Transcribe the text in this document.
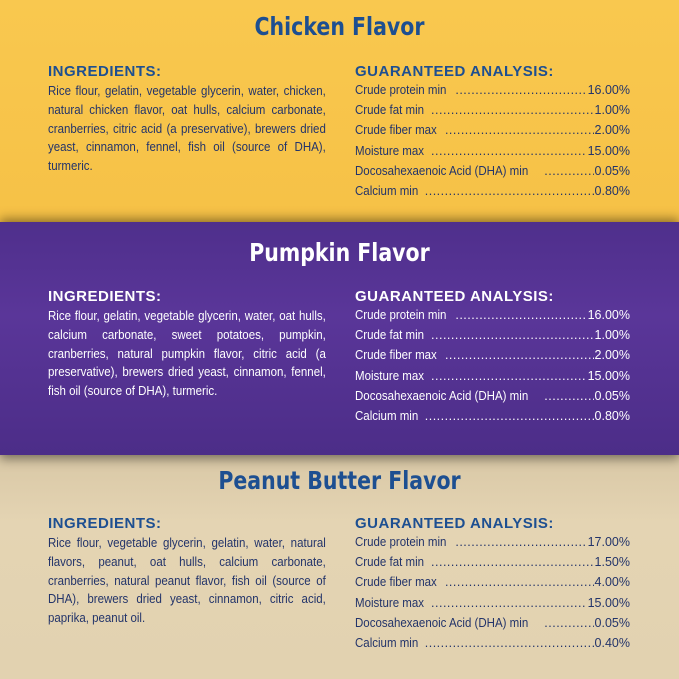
Chicken Flavor
INGREDIENTS:

Rice flour, gelatin, vegetable glycerin, water, chicken, natural chicken flavor, oat hulls, calcium carbonate, cranberries, citric acid (a preservative), brewers dried yeast, cinnamon, fennel, fish oil (source of DHA), turmeric.

GUARANTEED ANALYSIS:
Crude protein min .....	16.00%
Crude fat min .....	1.00%
Crude fiber max .....	2.00%
Moisture max .....	15.00%
Docosahexaenoic Acid (DHA) min .....	0.05%
Calcium min .....	0.80%
Pumpkin Flavor
INGREDIENTS:

Rice flour, gelatin, vegetable glycerin, water, oat hulls, calcium carbonate, sweet potatoes, pumpkin, cranberries, natural pumpkin flavor, citric acid (a preservative), brewers dried yeast, cinnamon, fennel, fish oil (source of DHA), turmeric.

GUARANTEED ANALYSIS:
Crude protein min .....	16.00%
Crude fat min .....	1.00%
Crude fiber max .....	2.00%
Moisture max .....	15.00%
Docosahexaenoic Acid (DHA) min .....	0.05%
Calcium min .....	0.80%
Peanut Butter Flavor
INGREDIENTS:

Rice flour, vegetable glycerin, gelatin, water, natural flavors, peanut, oat hulls, calcium carbonate, cranberries, natural peanut flavor, fish oil (source of DHA), brewers dried yeast, cinnamon, citric acid, paprika, peanut oil.

GUARANTEED ANALYSIS:
Crude protein min .....	17.00%
Crude fat min .....	1.50%
Crude fiber max .....	4.00%
Moisture max .....	15.00%
Docosahexaenoic Acid (DHA) min .....	0.05%
Calcium min .....	0.40%
